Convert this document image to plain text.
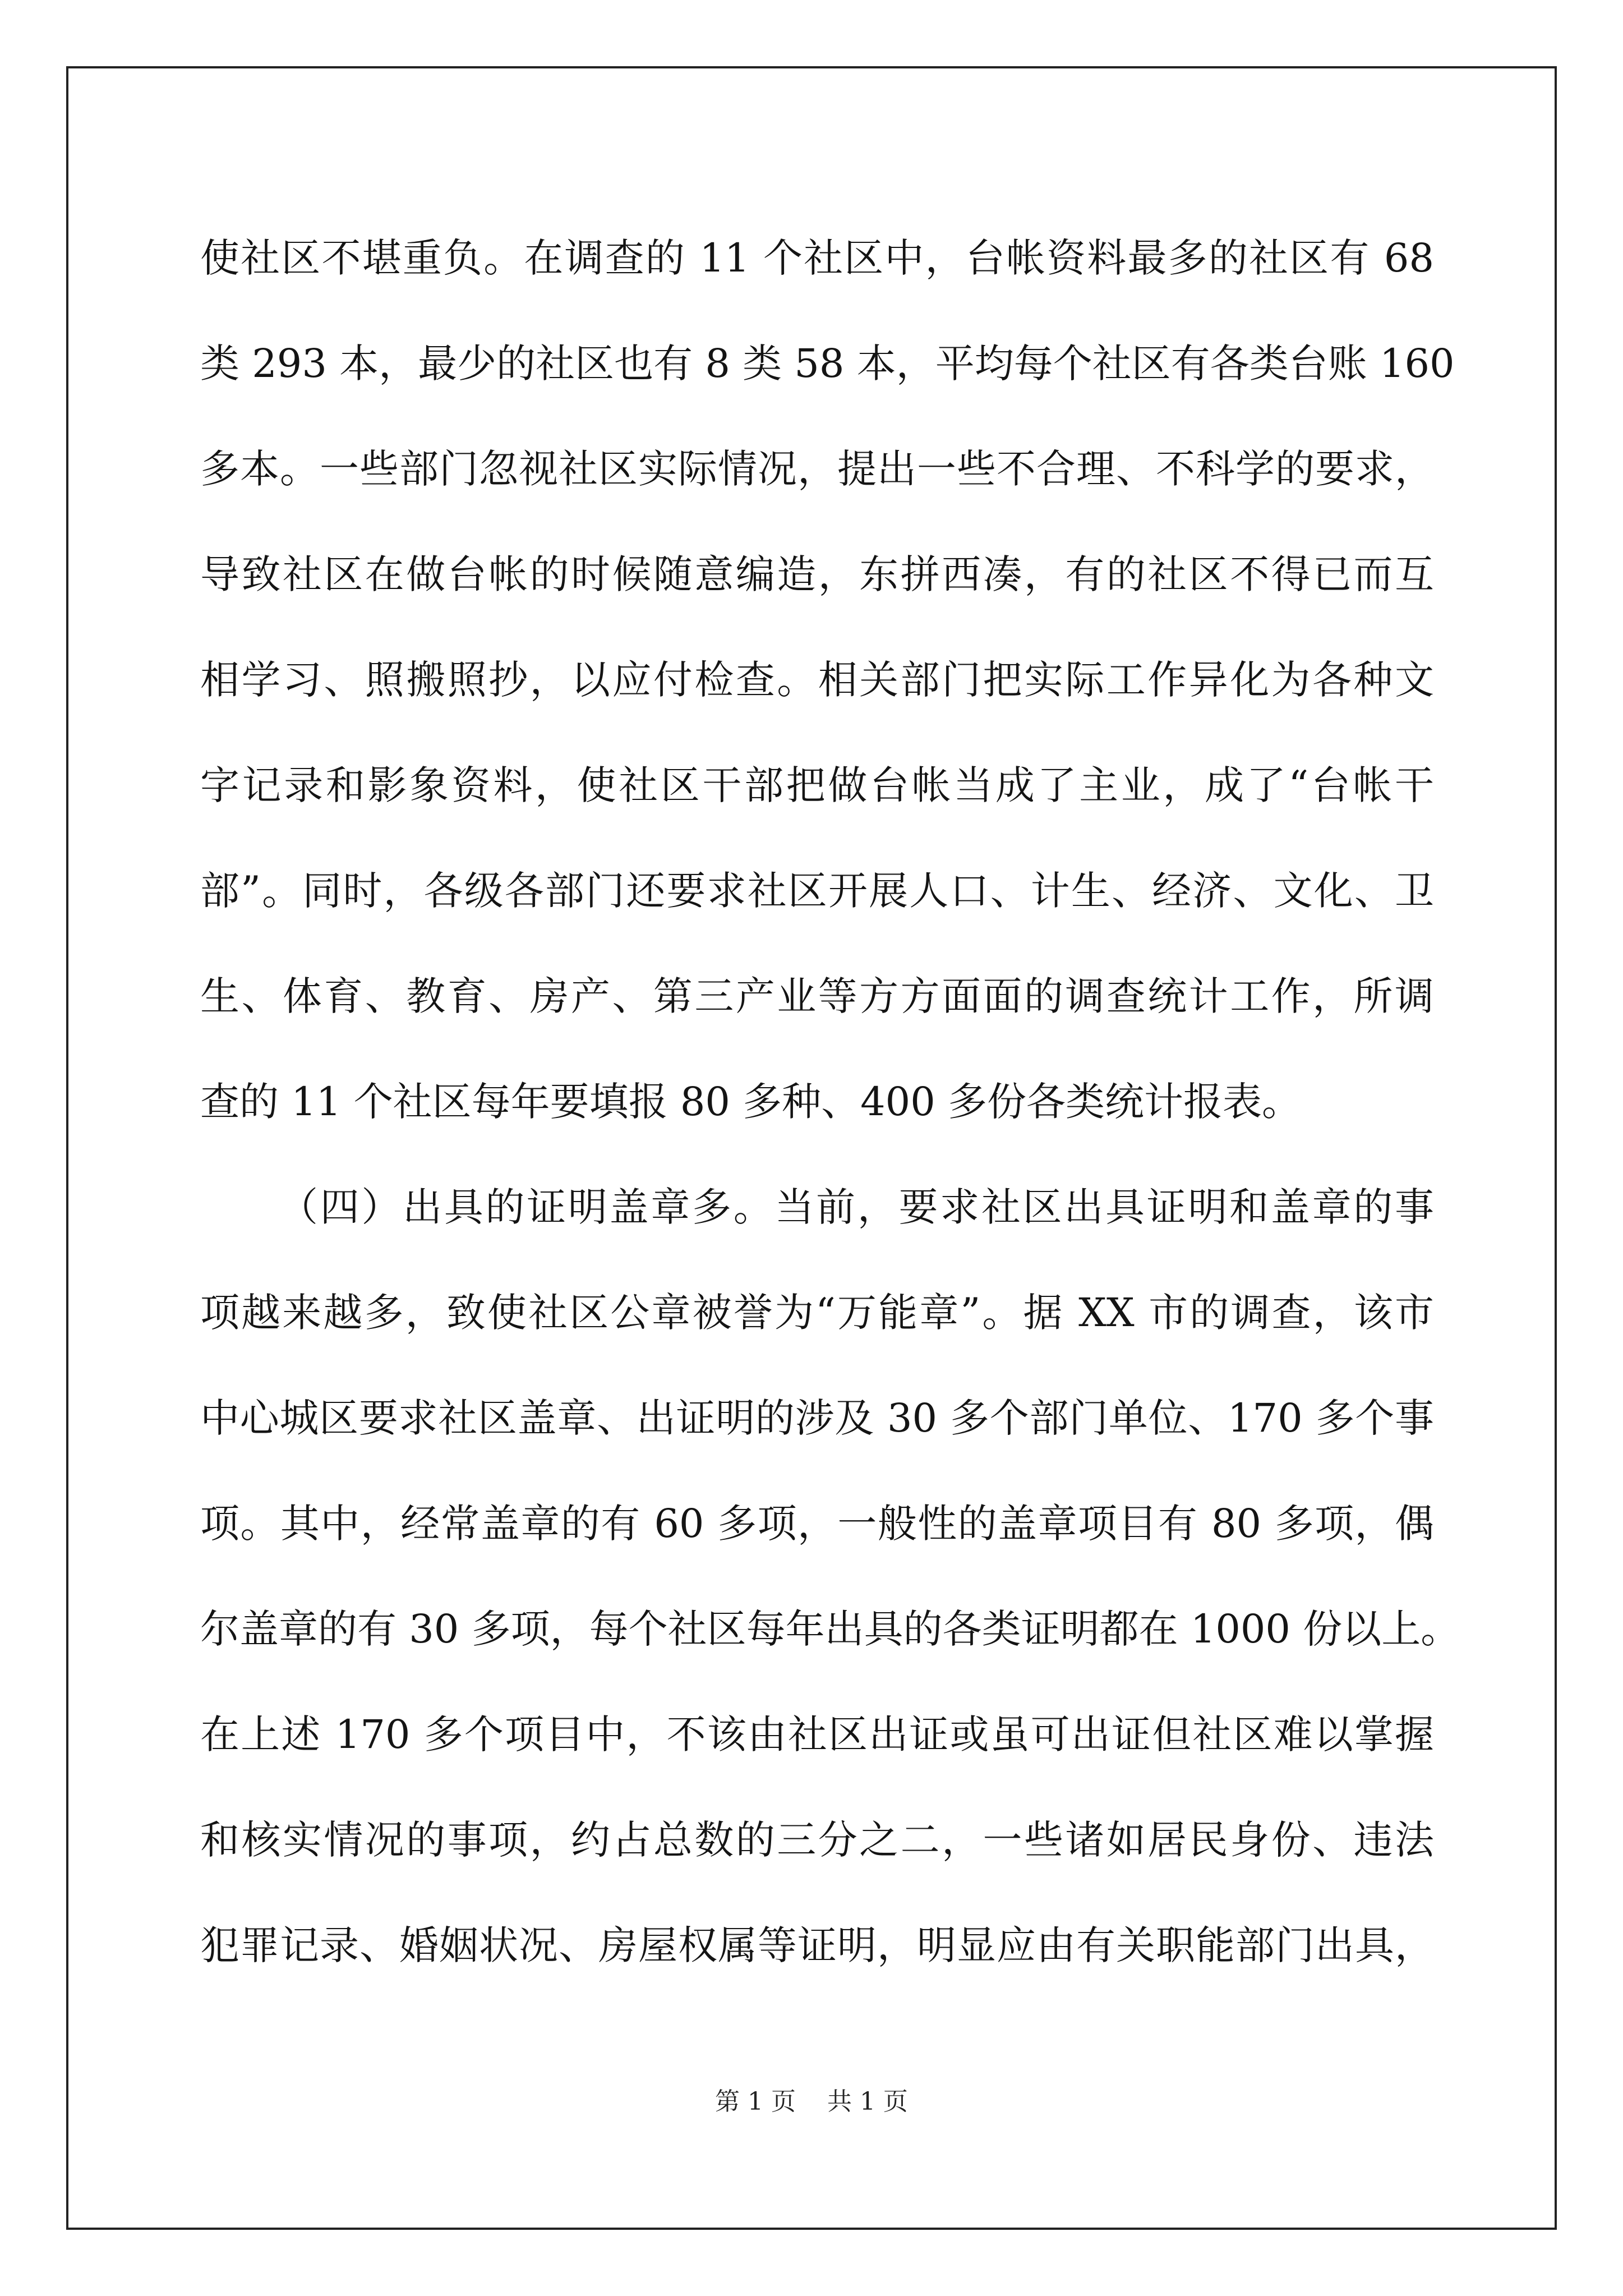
使社区不堪重负。在调查的 11 个社区中，台帐资料最多的社区有 68
类 293 本，最少的社区也有 8 类 58 本，平均每个社区有各类台账 160
多本。一些部门忽视社区实际情况，提出一些不合理、不科学的要求，
导致社区在做台帐的时候随意编造，东拼西凑，有的社区不得已而互
相学习、照搬照抄，以应付检查。相关部门把实际工作异化为各种文
字记录和影象资料，使社区干部把做台帐当成了主业，成了“台帐干
部”。同时，各级各部门还要求社区开展人口、计生、经济、文化、卫
生、体育、教育、房产、第三产业等方方面面的调查统计工作，所调
查的 11 个社区每年要填报 80 多种、400 多份各类统计报表。
（四）出具的证明盖章多。当前，要求社区出具证明和盖章的事
项越来越多，致使社区公章被誉为“万能章”。据 XX 市的调查，该市
中心城区要求社区盖章、出证明的涉及 30 多个部门单位、170 多个事
项。其中，经常盖章的有 60 多项，一般性的盖章项目有 80 多项，偶
尔盖章的有 30 多项，每个社区每年出具的各类证明都在 1000 份以上。
在上述 170 多个项目中，不该由社区出证或虽可出证但社区难以掌握
和核实情况的事项，约占总数的三分之二，一些诸如居民身份、违法
犯罪记录、婚姻状况、房屋权属等证明，明显应由有关职能部门出具，
第 1 页    共 1 页
